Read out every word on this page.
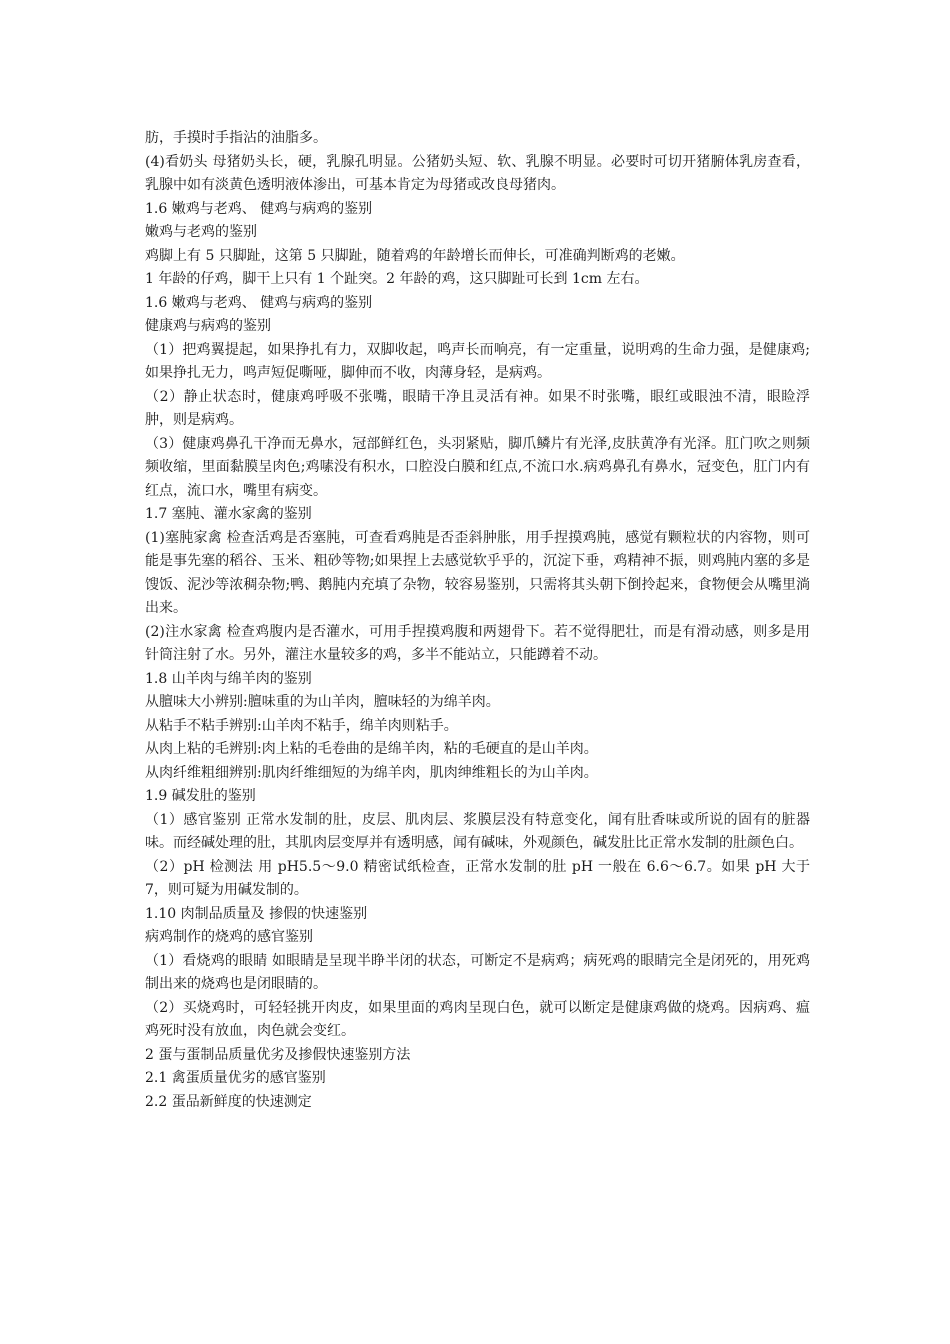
肪，手摸时手指沾的油脂多。

(4)看奶头 母猪奶头长，硬，乳腺孔明显。公猪奶头短、软、乳腺不明显。必要时可切开猪腑体乳房查看，乳腺中如有淡黄色透明液体渗出，可基本肯定为母猪或改良母猪肉。

1.6 嫩鸡与老鸡、 健鸡与病鸡的鉴别

嫩鸡与老鸡的鉴别

鸡脚上有 5 只脚趾，这第 5 只脚趾，随着鸡的年龄增长而伸长，可准确判断鸡的老嫩。

1 年龄的仔鸡，脚干上只有 1 个趾突。2 年龄的鸡，这只脚趾可长到 1cm 左右。

1.6 嫩鸡与老鸡、 健鸡与病鸡的鉴别

健康鸡与病鸡的鉴别

（1）把鸡翼提起，如果挣扎有力，双脚收起，鸣声长而响亮，有一定重量，说明鸡的生命力强，是健康鸡;如果挣扎无力，鸣声短促嘶哑，脚伸而不收，肉薄身轻，是病鸡。

（2）静止状态时，健康鸡呼吸不张嘴，眼睛干净且灵活有神。如果不时张嘴，眼红或眼浊不清，眼睑浮肿，则是病鸡。

（3）健康鸡鼻孔干净而无鼻水，冠部鲜红色，头羽紧贴，脚爪鳞片有光泽,皮肤黄净有光泽。肛门吹之则频频收缩，里面黏膜呈肉色;鸡嗉没有积水，口腔没白膜和红点,不流口水.病鸡鼻孔有鼻水，冠变色，肛门内有红点，流口水，嘴里有病变。

1.7 塞肫、灌水家禽的鉴别

(1)塞肫家禽 检查活鸡是否塞肫，可查看鸡肫是否歪斜肿胀，用手捏摸鸡肫，感觉有颗粒状的内容物，则可能是事先塞的稻谷、玉米、粗砂等物;如果捏上去感觉软乎乎的，沉淀下垂，鸡精神不振，则鸡肫内塞的多是馊饭、泥沙等浓稠杂物;鸭、鹅肫内充填了杂物，较容易鉴别，只需将其头朝下倒拎起来，食物便会从嘴里淌出来。

(2)注水家禽 检查鸡腹内是否灌水，可用手捏摸鸡腹和两翅骨下。若不觉得肥壮，而是有滑动感，则多是用针筒注射了水。另外，灌注水量较多的鸡，多半不能站立，只能蹲着不动。

1.8 山羊肉与绵羊肉的鉴别

从膻味大小辨别:膻味重的为山羊肉，膻味轻的为绵羊肉。

从粘手不粘手辨别:山羊肉不粘手，绵羊肉则粘手。

从肉上粘的毛辨别:肉上粘的毛卷曲的是绵羊肉，粘的毛硬直的是山羊肉。

从肉纤维粗细辨别:肌肉纤维细短的为绵羊肉，肌肉绅维粗长的为山羊肉。

1.9 碱发肚的鉴别

（1）感官鉴别 正常水发制的肚，皮层、肌肉层、浆膜层没有特意变化，闻有肚香味或所说的固有的脏器味。而经碱处理的肚，其肌肉层变厚并有透明感，闻有碱味，外观颜色，碱发肚比正常水发制的肚颜色白。

（2）pH 检测法 用 pH5.5～9.0 精密试纸检查，正常水发制的肚 pH 一般在 6.6～6.7。如果 pH 大于 7，则可疑为用碱发制的。

1.10 肉制品质量及 掺假的快速鉴别

病鸡制作的烧鸡的感官鉴别

（1）看烧鸡的眼睛 如眼睛是呈现半睁半闭的状态，可断定不是病鸡；病死鸡的眼睛完全是闭死的，用死鸡制出来的烧鸡也是闭眼睛的。

（2）买烧鸡时，可轻轻挑开肉皮，如果里面的鸡肉呈现白色，就可以断定是健康鸡做的烧鸡。因病鸡、瘟鸡死时没有放血，肉色就会变红。

2 蛋与蛋制品质量优劣及掺假快速鉴别方法

2.1 禽蛋质量优劣的感官鉴别

2.2 蛋品新鲜度的快速测定
